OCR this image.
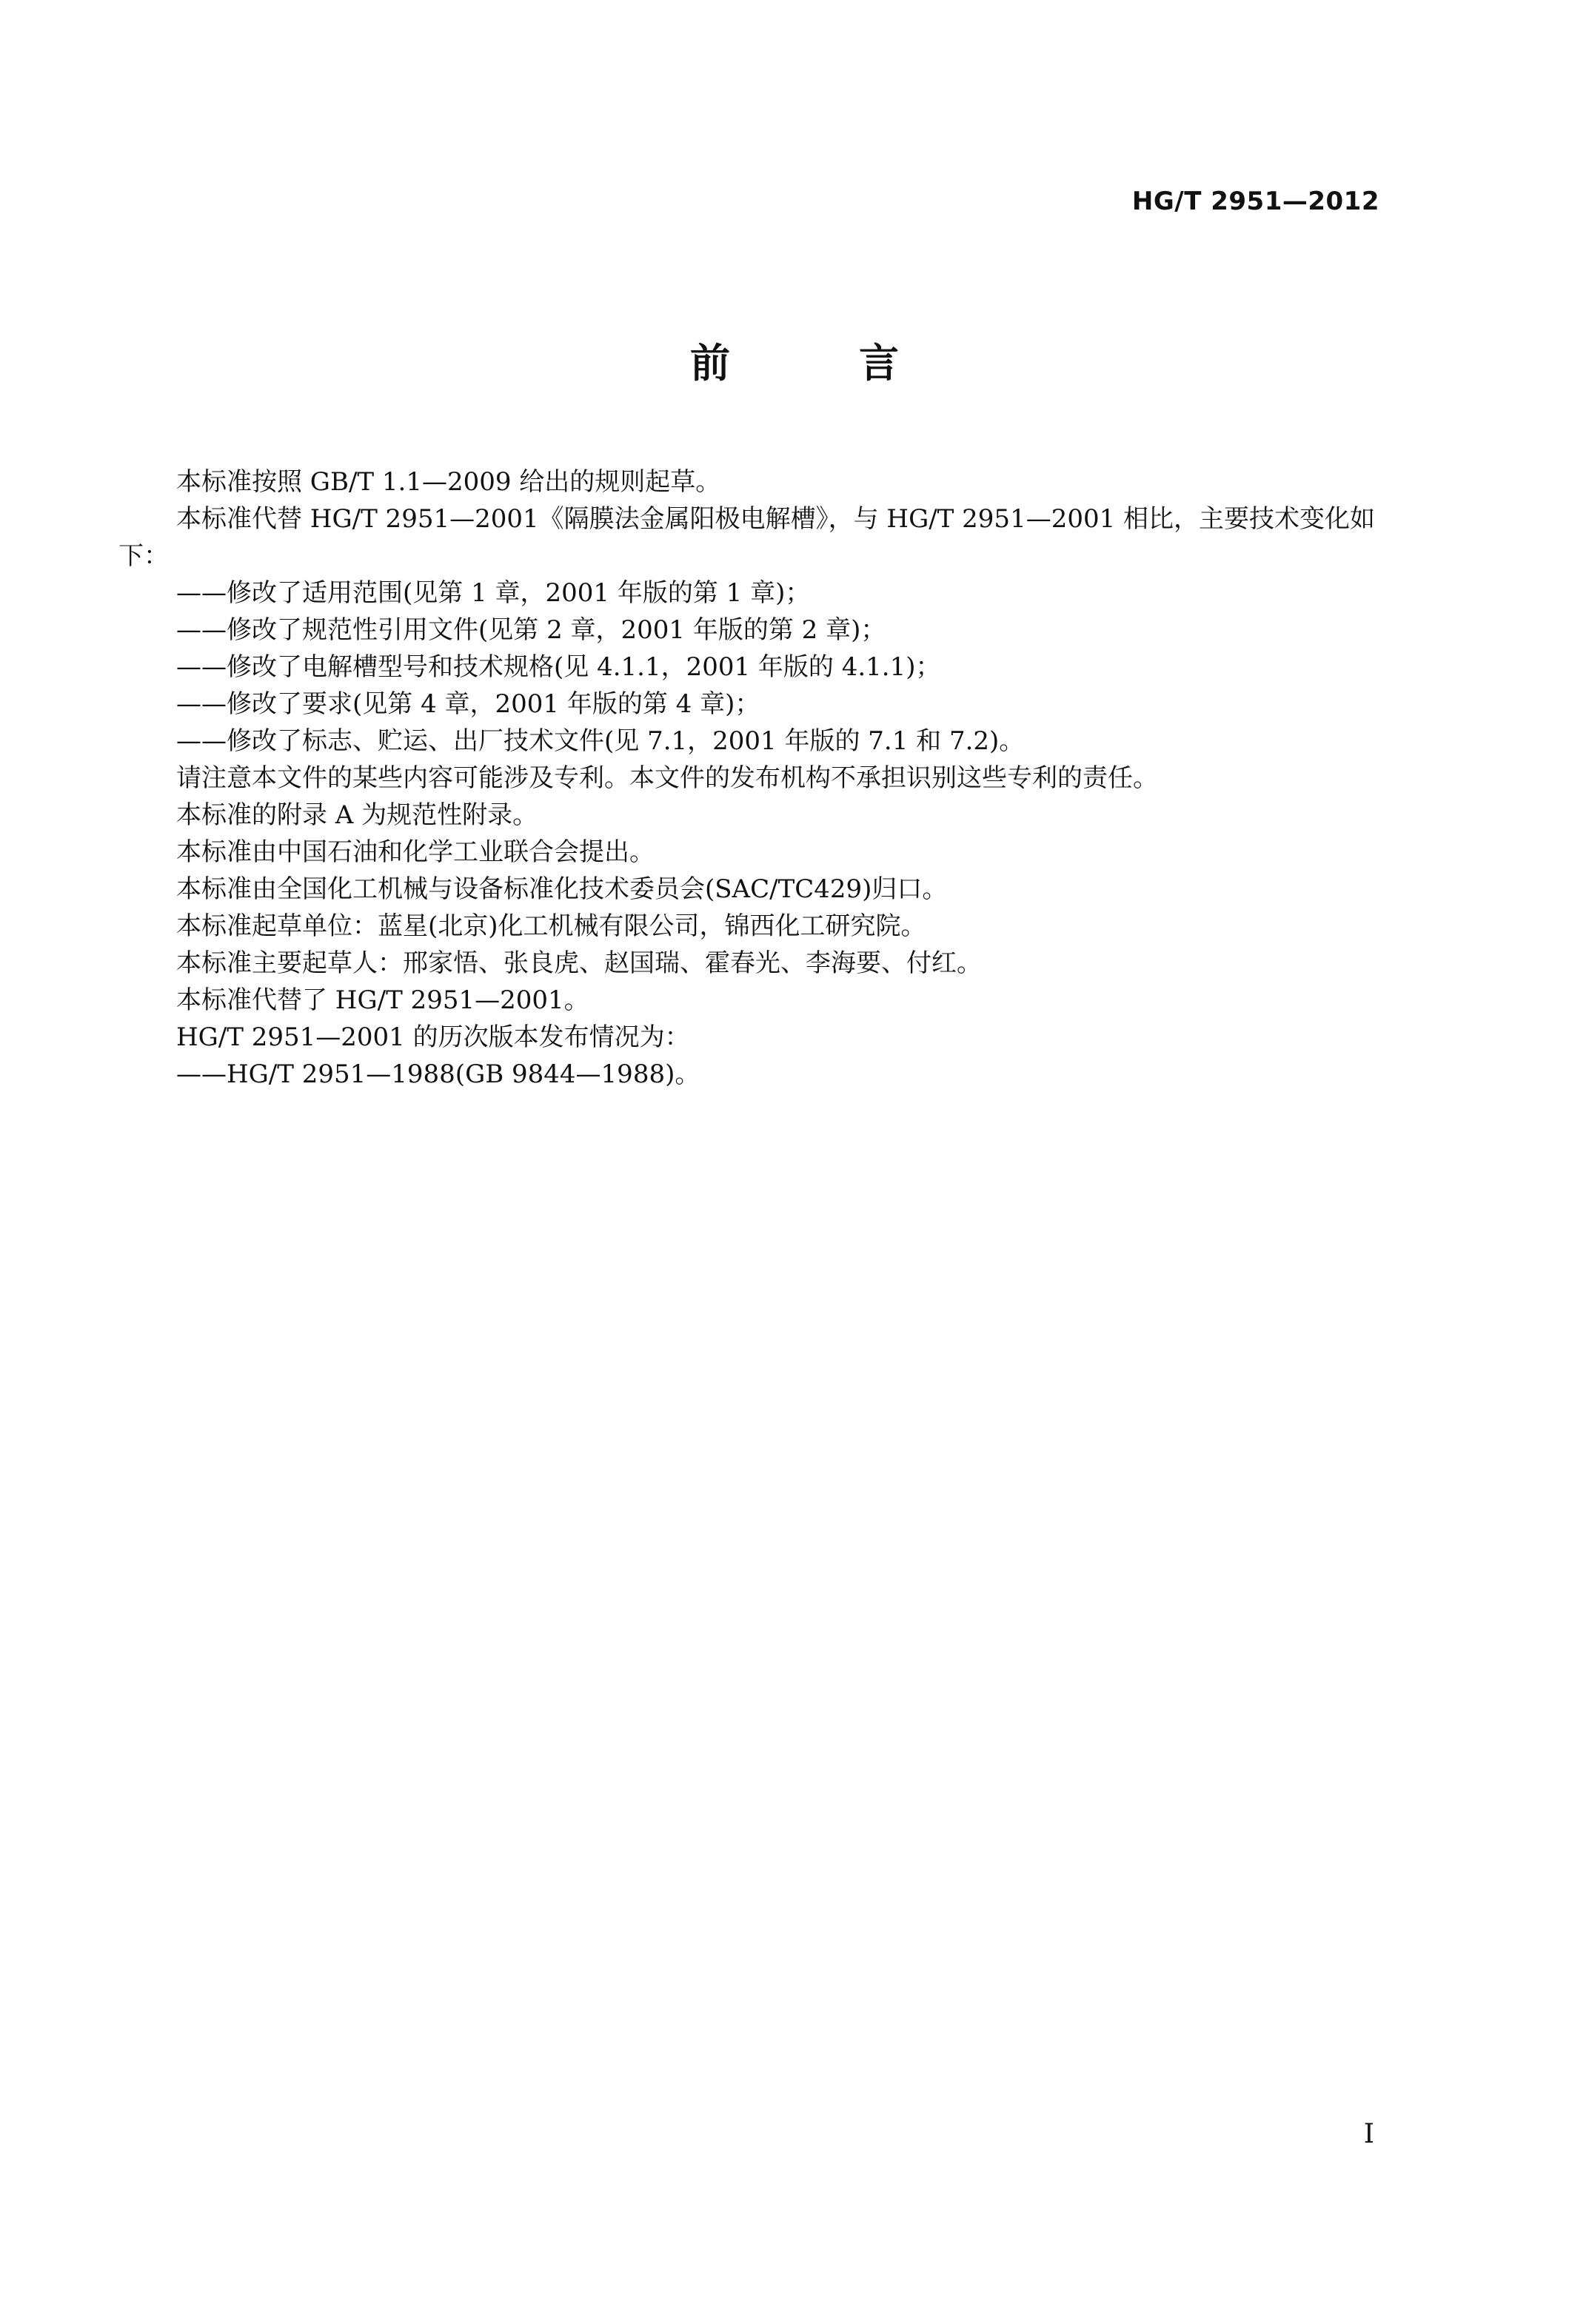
HG/T 2951—2012
前　言

本标准按照 GB/T 1.1—2009 给出的规则起草。

本标准代替 HG/T 2951—2001《隔膜法金属阳极电解槽》，与 HG/T 2951—2001 相比，主要技术变化如下：

——修改了适用范围(见第 1 章，2001 年版的第 1 章)；

——修改了规范性引用文件(见第 2 章，2001 年版的第 2 章)；

——修改了电解槽型号和技术规格(见 4.1.1，2001 年版的 4.1.1)；

——修改了要求(见第 4 章，2001 年版的第 4 章)；

——修改了标志、贮运、出厂技术文件(见 7.1，2001 年版的 7.1 和 7.2)。

请注意本文件的某些内容可能涉及专利。本文件的发布机构不承担识别这些专利的责任。

本标准的附录 A 为规范性附录。

本标准由中国石油和化学工业联合会提出。

本标准由全国化工机械与设备标准化技术委员会(SAC/TC429)归口。

本标准起草单位：蓝星(北京)化工机械有限公司，锦西化工研究院。

本标准主要起草人：邢家悟、张良虎、赵国瑞、霍春光、李海要、付红。

本标准代替了 HG/T 2951—2001。

HG/T 2951—2001 的历次版本发布情况为：

——HG/T 2951—1988(GB 9844—1988)。

I
